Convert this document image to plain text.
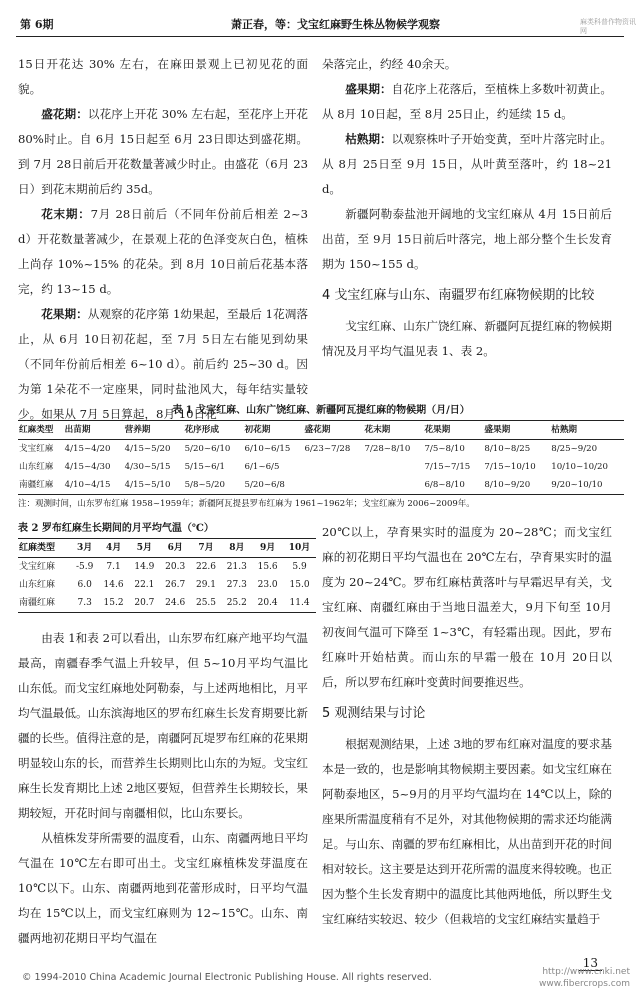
第 6期	萧正春，等：戈宝红麻野生株丛物候学观察	麻类科普作物资讯网

15日开花达 30% 左右，在麻田景观上已初见花的面貌。

盛花期：以花序上开花 30% 左右起，至花序上开花 80%时止。自 6月 15日起至 6月 23日即达到盛花期。到 7月 28日前后开花数量著减少时止。由盛花（6月 23日）到花末期前后约 35d。

花末期：7月 28日前后（不同年份前后相差 2~3 d）开花数量著减少，在景观上花的色泽变灰白色，植株上尚存 10%~15% 的花朵。到 8月 10日前后花基本落完，约 13~15 d。

花果期：从观察的花序第 1幼果起，至最后 1花凋落止，从 6月 10日初花起，至 7月 5日左右能见到幼果（不同年份前后相差 6~10 d）。前后约 25~30 d。因为第 1朵花不一定座果，同时盐池风大，每年结实量较少。如果从 7月 5日算起，8月 10日花

朵落完止，约经 40余天。

盛果期：自花序上花落后，至植株上多数叶初黄止。从 8月 10日起，至 8月 25日止，约延续 15 d。

枯熟期：以观察株叶子开始变黄，至叶片落完时止。从 8月 25日至 9月 15日，从叶黄至落叶，约 18~21 d。

新疆阿勒泰盐池开阔地的戈宝红麻从 4月 15日前后出苗，至 9月 15日前后叶落完，地上部分整个生长发育期为 150~155 d。

4 戈宝红麻与山东、南疆罗布红麻物候期的比较

戈宝红麻、山东广饶红麻、新疆阿瓦提红麻的物候期情况及月平均气温见表 1、表 2。

表 1 戈宝红麻、山东广饶红麻、新疆阿瓦提红麻的物候期（月/日）
红麻类型	出苗期	营养期	花序形成	初花期	盛花期	花末期	花果期	盛果期	枯熟期
戈宝红麻	4/15~4/20	4/15~5/20	5/20~6/10	6/10~6/15	6/23~7/28	7/28~8/10	7/5~8/10	8/10~8/25	8/25~9/20
山东红麻	4/15~4/30	4/30~5/15	5/15~6/1	6/1~6/5			7/15~7/15	7/15~10/10	10/10~10/20
南疆红麻	4/10~4/15	4/15~5/10	5/8~5/20	5/20~6/8			6/8~8/10	8/10~9/20	9/20~10/10
注：观测时间，山东罗布红麻 1958~1959年；新疆阿瓦提县罗布红麻为 1961~1962年；戈宝红麻为 2006~2009年。
表 2 罗布红麻生长期间的月平均气温（℃）
红麻类型	3月	4月	5月	6月	7月	8月	9月	10月
戈宝红麻	-5.9	7.1	14.9	20.3	22.6	21.3	15.6	5.9
山东红麻	6.0	14.6	22.1	26.7	29.1	27.3	23.0	15.0
南疆红麻	7.3	15.2	20.7	24.6	25.5	25.2	20.4	11.4

由表 1和表 2可以看出，山东罗布红麻产地平均气温最高，南疆春季气温上升较早，但 5~10月平均气温比山东低。而戈宝红麻地处阿勒泰，与上述两地相比，月平均气温最低。山东滨海地区的罗布红麻生长发育期要比新疆的长些。值得注意的是，南疆阿瓦堤罗布红麻的花果期明显较山东的长，而营养生长期则比山东的为短。戈宝红麻生长发育期比上述 2地区要短，但营养生长期较长，果期较短，开花时间与南疆相似，比山东要长。

从植株发芽所需要的温度看，山东、南疆两地日平均气温在 10℃左右即可出土。戈宝红麻植株发芽温度在 10℃以下。山东、南疆两地到花蕾形成时，日平均气温均在 15℃以上，而戈宝红麻则为 12~15℃。山东、南疆两地初花期日平均气温在

20℃以上，孕育果实时的温度为 20~28℃；而戈宝红麻的初花期日平均气温也在 20℃左右，孕育果实时的温度为 20~24℃。罗布红麻枯黄落叶与早霜迟早有关，戈宝红麻、南疆红麻由于当地日温差大，9月下旬至 10月初夜间气温可下降至 1~3℃，有轻霜出现。因此，罗布红麻叶开始枯黄。而山东的早霜一般在 10月 20日以后，所以罗布红麻叶变黄时间要推迟些。

5 观测结果与讨论

根据观测结果，上述 3地的罗布红麻对温度的要求基本是一致的，也是影响其物候期主要因素。如戈宝红麻在阿勒泰地区，5~9月的月平均气温均在 14℃以上，除的座果所需温度稍有不足外，对其他物候期的需求还均能满足。与山东、南疆的罗布红麻相比，从出苗到开花的时间相对较长。这主要是达到开花所需的温度来得较晚。也正因为整个生长发育期中的温度比其他两地低，所以野生戈宝红麻结实较迟、较少（但栽培的戈宝红麻结实量趋于

13
© 1994-2010 China Academic Journal Electronic Publishing House. All rights reserved.	http://www.cnki.net
www.fibercrops.com
